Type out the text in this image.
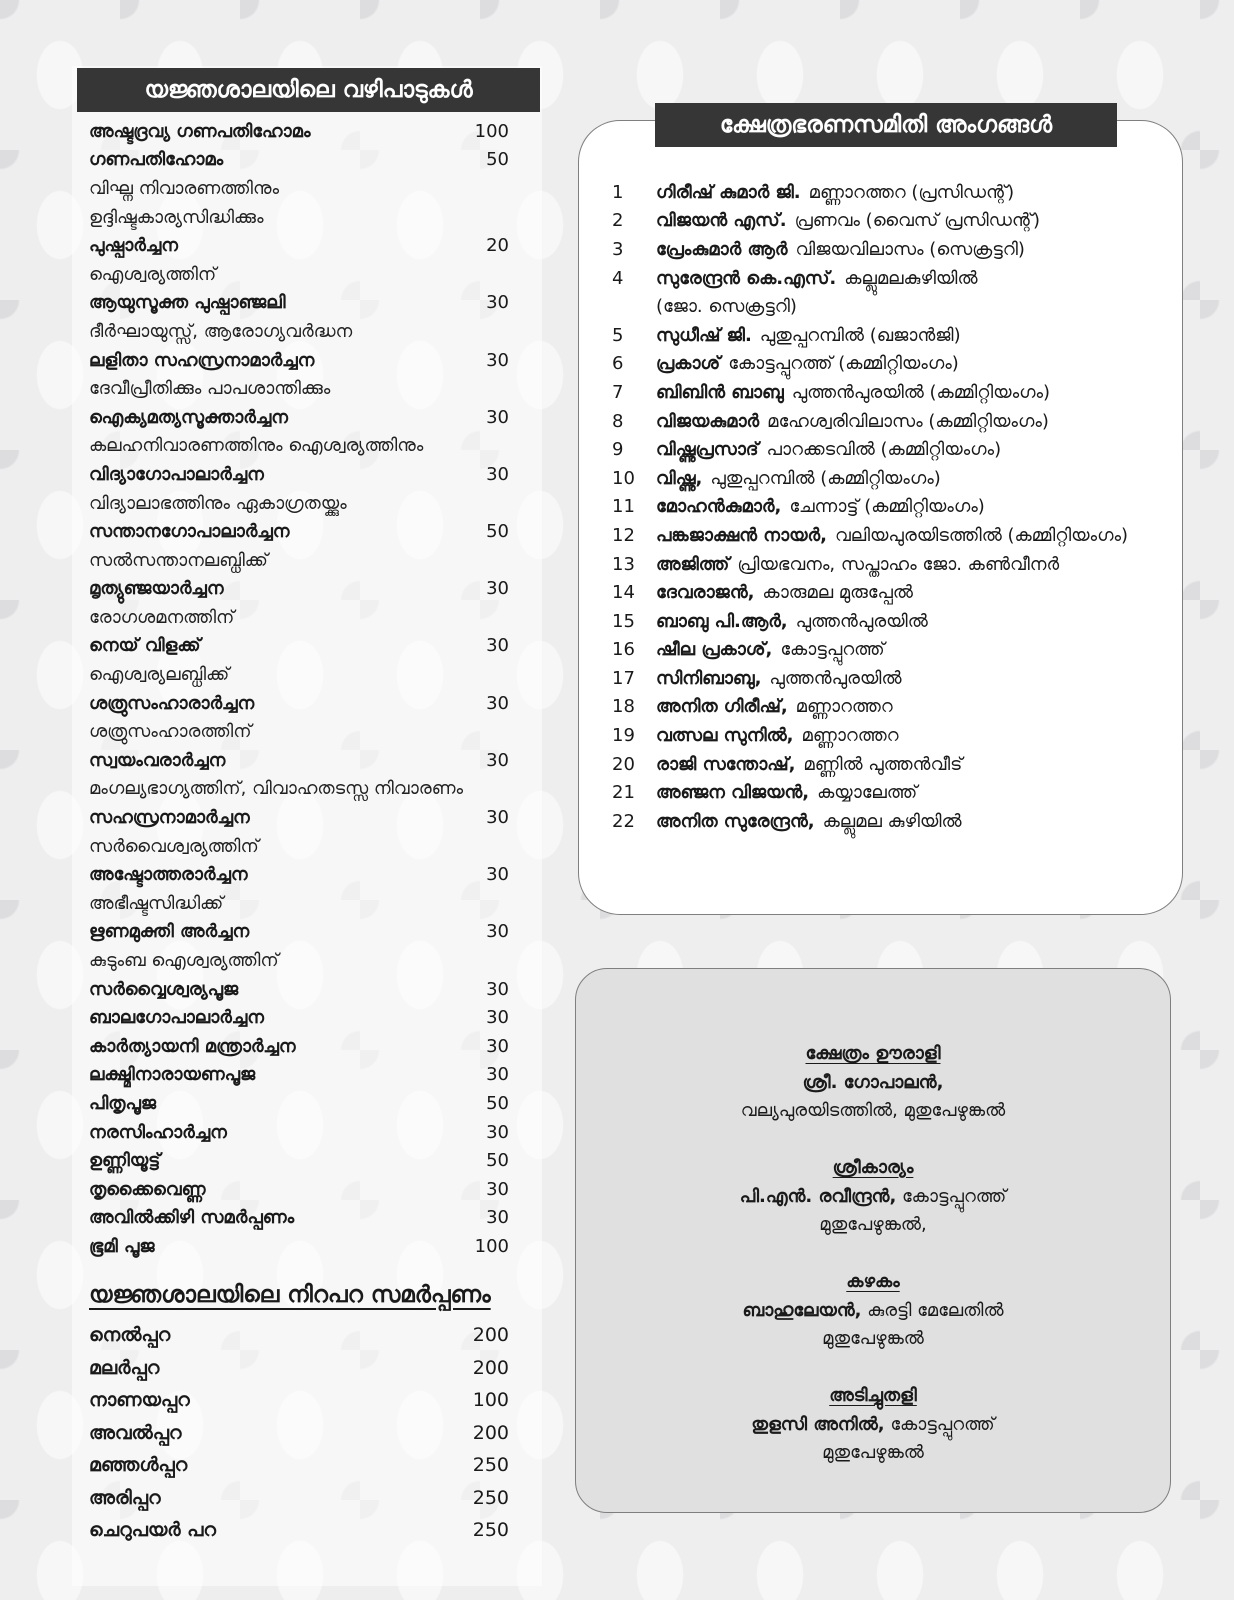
യജ്ഞശാലയിലെ വഴിപാടുകൾ
അഷ്ടദ്രവ്യ ഗണപതിഹോമം	100
ഗണപതിഹോമം	50
വിഘ്ന നിവാരണത്തിനും
ഉദ്ദിഷ്ടകാര്യസിദ്ധിക്കും
പുഷ്പാർച്ചന	20
ഐശ്വര്യത്തിന്
ആയുസൂക്ത പുഷ്പാഞ്ജലി	30
ദീർഘായുസ്സ്, ആരോഗ്യവർദ്ധന
ലളിതാ സഹസ്രനാമാർച്ചന	30
ദേവീപ്രീതിക്കും പാപശാന്തിക്കും
ഐക്യമത്യസൂക്താർച്ചന	30
കലഹനിവാരണത്തിനും ഐശ്വര്യത്തിനും
വിദ്യാഗോപാലാർച്ചന	30
വിദ്യാലാഭത്തിനും ഏകാഗ്രതയ്ക്കും
സന്താനഗോപാലാർച്ചന	50
സൽസന്താനലബ്ധിക്ക്
മൃത്യുഞ്ജയാർച്ചന	30
രോഗശമനത്തിന്
നെയ് വിളക്ക്	30
ഐശ്വര്യലബ്ധിക്ക്
ശത്രുസംഹാരാർച്ചന	30
ശത്രുസംഹാരത്തിന്
സ്വയംവരാർച്ചന	30
മംഗല്യഭാഗ്യത്തിന്, വിവാഹതടസ്സ നിവാരണം
സഹസ്രനാമാർച്ചന	30
സർവൈശ്വര്യത്തിന്
അഷ്ടോത്തരാർച്ചന	30
അഭീഷ്ടസിദ്ധിക്ക്
ഋണമുക്തി അർച്ചന	30
കുടുംബ ഐശ്വര്യത്തിന്
സർവ്വൈശ്വര്യപൂജ	30
ബാലഗോപാലാർച്ചന	30
കാർത്യായനി മന്ത്രാർച്ചന	30
ലക്ഷ്മിനാരായണപൂജ	30
പിതൃപൂജ	50
നരസിംഹാർച്ചന	30
ഉണ്ണിയൂട്ട്	50
തൃക്കൈവെണ്ണ	30
അവിൽക്കിഴി സമർപ്പണം	30
ഭൂമി പൂജ	100
യജ്ഞശാലയിലെ നിറപറ സമർപ്പണം
നെൽപ്പറ	200
മലർപ്പറ	200
നാണയപ്പറ	100
അവൽപ്പറ	200
മഞ്ഞൾപ്പറ	250
അരിപ്പറ	250
ചെറുപയർ പറ	250
ക്ഷേത്രഭരണസമിതി അംഗങ്ങൾ
1	ഗിരീഷ് കുമാർ ജി. മണ്ണാറത്തറ (പ്രസിഡന്റ്)
2	വിജയൻ എസ്. പ്രണവം (വൈസ് പ്രസിഡന്റ്)
3	പ്രേംകുമാർ ആർ വിജയവിലാസം (സെക്രട്ടറി)
4	സുരേന്ദ്രൻ കെ.എസ്. കല്ലുമലകുഴിയിൽ
(ജോ. സെക്രട്ടറി)
5	സുധീഷ് ജി. പുതുപ്പറമ്പിൽ (ഖജാൻജി)
6	പ്രകാശ് കോട്ടപ്പുറത്ത് (കമ്മിറ്റിയംഗം)
7	ബിബിൻ ബാബു പുത്തൻപുരയിൽ (കമ്മിറ്റിയംഗം)
8	വിജയകുമാർ മഹേശ്വരിവിലാസം (കമ്മിറ്റിയംഗം)
9	വിഷ്ണുപ്രസാദ് പാറക്കടവിൽ (കമ്മിറ്റിയംഗം)
10	വിഷ്ണു, പുതുപ്പറമ്പിൽ (കമ്മിറ്റിയംഗം)
11	മോഹൻകുമാർ, ചേന്നാട്ട് (കമ്മിറ്റിയംഗം)
12	പങ്കജാക്ഷൻ നായർ, വലിയപുരയിടത്തിൽ (കമ്മിറ്റിയംഗം)
13	അജിത്ത് പ്രിയഭവനം, സപ്താഹം ജോ. കൺവീനർ
14	ദേവരാജൻ, കാരുമല മുരുപ്പേൽ
15	ബാബു പി.ആർ, പുത്തൻപുരയിൽ
16	ഷീല പ്രകാശ്, കോട്ടപ്പുറത്ത്
17	സിനിബാബു, പുത്തൻപുരയിൽ
18	അനിത ഗിരീഷ്, മണ്ണാറത്തറ
19	വത്സല സുനിൽ, മണ്ണാറത്തറ
20	രാജി സന്തോഷ്, മണ്ണിൽ പുത്തൻവീട്
21	അഞ്ജന വിജയൻ, കയ്യാലേത്ത്
22	അനിത സുരേന്ദ്രൻ, കല്ലുമല കുഴിയിൽ
ക്ഷേത്രം ഊരാളി
ശ്രീ. ഗോപാലൻ,
വല്യപുരയിടത്തിൽ, മുതുപേഴുങ്കൽ
ശ്രീകാര്യം
പി.എൻ. രവീന്ദ്രൻ, കോട്ടപ്പുറത്ത്
മുതുപേഴുങ്കൽ,
കഴകം
ബാഹുലേയൻ, കുരട്ടി മേലേതിൽ
മുതുപേഴുങ്കൽ
അടിച്ചുതളി
തുളസി അനിൽ, കോട്ടപ്പുറത്ത്
മുതുപേഴുങ്കൽ
